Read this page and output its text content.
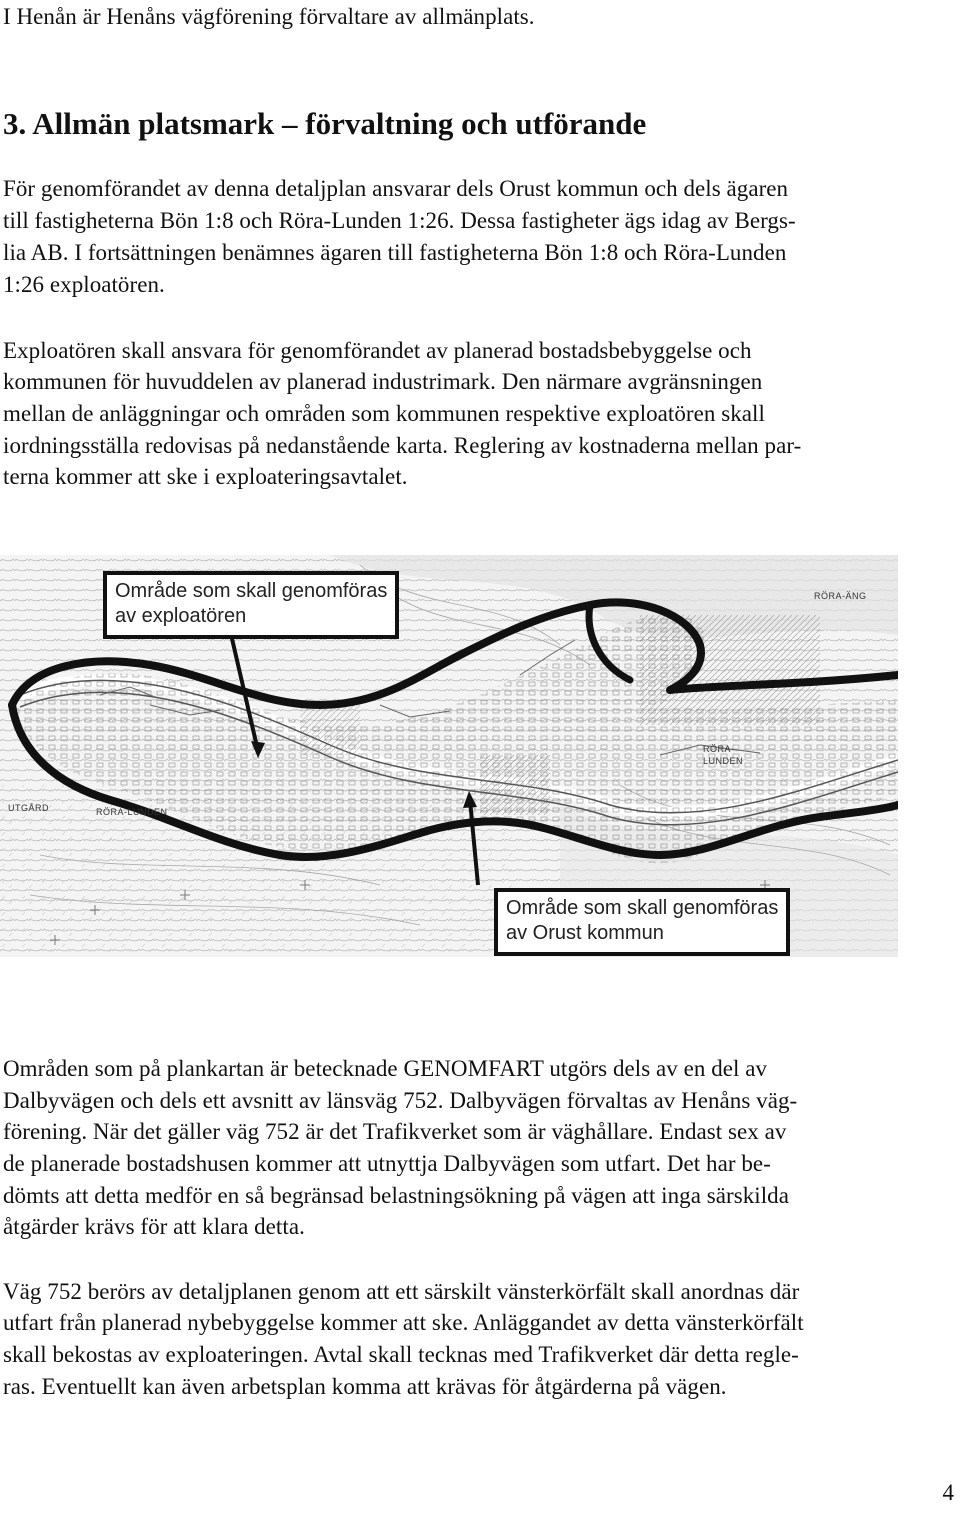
I Henån är Henåns vägförening förvaltare av allmänplats.
3. Allmän platsmark – förvaltning och utförande
För genomförandet av denna detaljplan ansvarar dels Orust kommun och dels ägaren
till fastigheterna Bön 1:8 och Röra-Lunden 1:26. Dessa fastigheter ägs idag av Bergs-
lia AB. I fortsättningen benämnes ägaren till fastigheterna Bön 1:8 och Röra-Lunden
1:26 exploatören.
Exploatören skall ansvara för genomförandet av planerad bostadsbebyggelse och
kommunen för huvuddelen av planerad industrimark. Den närmare avgränsningen
mellan de anläggningar och områden som kommunen respektive exploatören skall
iordningsställa redovisas på nedanstående karta. Reglering av kostnaderna mellan par-
terna kommer att ske i exploateringsavtalet.
Område som skall genomföras
av exploatören
Område som skall genomföras
av Orust kommun
RÖRA-ÄNG
RÖRA-
LUNDEN
UTGÅRD	RÖRA-LUNDEN
Områden som på plankartan är betecknade GENOMFART utgörs dels av en del av
Dalbyvägen och dels ett avsnitt av länsväg 752. Dalbyvägen förvaltas av Henåns väg-
förening. När det gäller väg 752 är det Trafikverket som är väghållare. Endast sex av
de planerade bostadshusen kommer att utnyttja Dalbyvägen som utfart. Det har be-
dömts att detta medför en så begränsad belastningsökning på vägen att inga särskilda
åtgärder krävs för att klara detta.
Väg 752 berörs av detaljplanen genom att ett särskilt vänsterkörfält skall anordnas där
utfart från planerad nybebyggelse kommer att ske. Anläggandet av detta vänsterkörfält
skall bekostas av exploateringen. Avtal skall tecknas med Trafikverket där detta regle-
ras. Eventuellt kan även arbetsplan komma att krävas för åtgärderna på vägen.
4
